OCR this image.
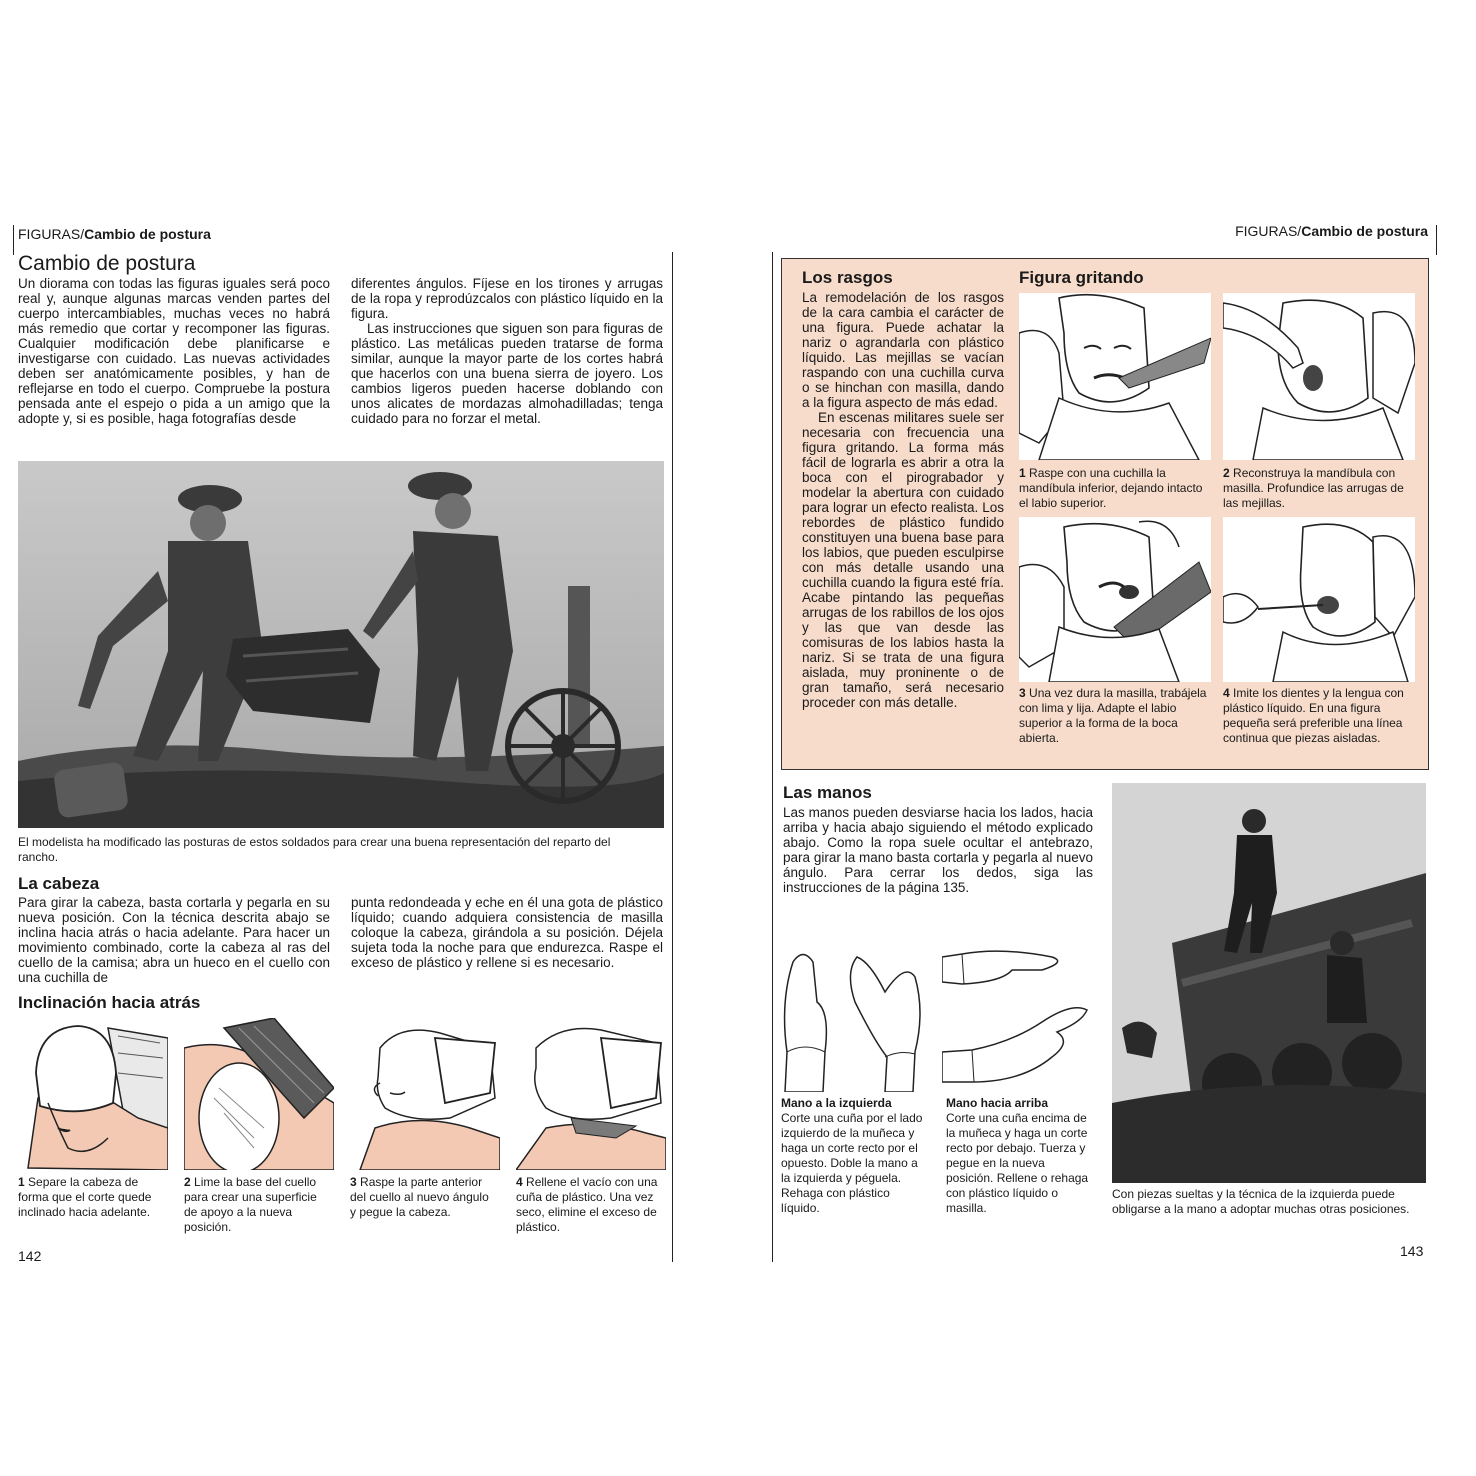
FIGURAS/Cambio de postura
Cambio de postura
Un diorama con todas las figuras iguales será poco real y, aunque algunas marcas venden partes del cuerpo intercambiables, muchas veces no habrá más remedio que cortar y recomponer las figuras. Cualquier modificación debe planificarse e investigarse con cuidado. Las nuevas actividades deben ser anatómicamente posibles, y han de reflejarse en todo el cuerpo. Compruebe la postura pensada ante el espejo o pida a un amigo que la adopte y, si es posible, haga fotografías desde
diferentes ángulos. Fíjese en los tirones y arrugas de la ropa y reprodúzcalos con plástico líquido en la figura.
Las instrucciones que siguen son para figuras de plástico. Las metálicas pueden tratarse de forma similar, aunque la mayor parte de los cortes habrá que hacerlos con una buena sierra de joyero. Los cambios ligeros pueden hacerse doblando con unos alicates de mordazas almohadilladas; tenga cuidado para no forzar el metal.
El modelista ha modificado las posturas de estos soldados para crear una buena representación del reparto del rancho.
La cabeza
Para girar la cabeza, basta cortarla y pegarla en su nueva posición. Con la técnica descrita abajo se inclina hacia atrás o hacia adelante. Para hacer un movimiento combinado, corte la cabeza al ras del cuello de la camisa; abra un hueco en el cuello con una cuchilla de
punta redondeada y eche en él una gota de plástico líquido; cuando adquiera consistencia de masilla coloque la cabeza, girándola a su posición. Déjela sujeta toda la noche para que endurezca. Raspe el exceso de plástico y rellene si es necesario.
Inclinación hacia atrás
1 Separe la cabeza de forma que el corte quede inclinado hacia adelante.
2 Lime la base del cuello para crear una superficie de apoyo a la nueva posición.
3 Raspe la parte anterior del cuello al nuevo ángulo y pegue la cabeza.
4 Rellene el vacío con una cuña de plástico. Una vez seco, elimine el exceso de plástico.
142
FIGURAS/Cambio de postura
Los rasgos
La remodelación de los rasgos de la cara cambia el carácter de una figura. Puede achatar la nariz o agrandarla con plástico líquido. Las mejillas se vacían raspando con una cuchilla curva o se hinchan con masilla, dando a la figura aspecto de más edad.
En escenas militares suele ser necesaria con frecuencia una figura gritando. La forma más fácil de lograrla es abrir a otra la boca con el pirograbador y modelar la abertura con cuidado para lograr un efecto realista. Los rebordes de plástico fundido constituyen una buena base para los labios, que pueden esculpirse con más detalle usando una cuchilla cuando la figura esté fría. Acabe pintando las pequeñas arrugas de los rabillos de los ojos y las que van desde las comisuras de los labios hasta la nariz. Si se trata de una figura aislada, muy proninente o de gran tamaño, será necesario proceder con más detalle.
Figura gritando
1 Raspe con una cuchilla la mandíbula inferior, dejando intacto el labio superior.
2 Reconstruya la mandíbula con masilla. Profundice las arrugas de las mejillas.
3 Una vez dura la masilla, trabájela con lima y lija. Adapte el labio superior a la forma de la boca abierta.
4 Imite los dientes y la lengua con plástico líquido. En una figura pequeña será preferible una línea continua que piezas aisladas.
Las manos
Las manos pueden desviarse hacia los lados, hacia arriba y hacia abajo siguiendo el método explicado abajo. Como la ropa suele ocultar el antebrazo, para girar la mano basta cortarla y pegarla al nuevo ángulo. Para cerrar los dedos, siga las instrucciones de la página 135.
Mano a la izquierda
Corte una cuña por el lado izquierdo de la muñeca y haga un corte recto por el opuesto. Doble la mano a la izquierda y péguela. Rehaga con plástico líquido.
Mano hacia arriba
Corte una cuña encima de la muñeca y haga un corte recto por debajo. Tuerza y pegue en la nueva posición. Rellene o rehaga con plástico líquido o masilla.
Con piezas sueltas y la técnica de la izquierda puede obligarse a la mano a adoptar muchas otras posiciones.
143
